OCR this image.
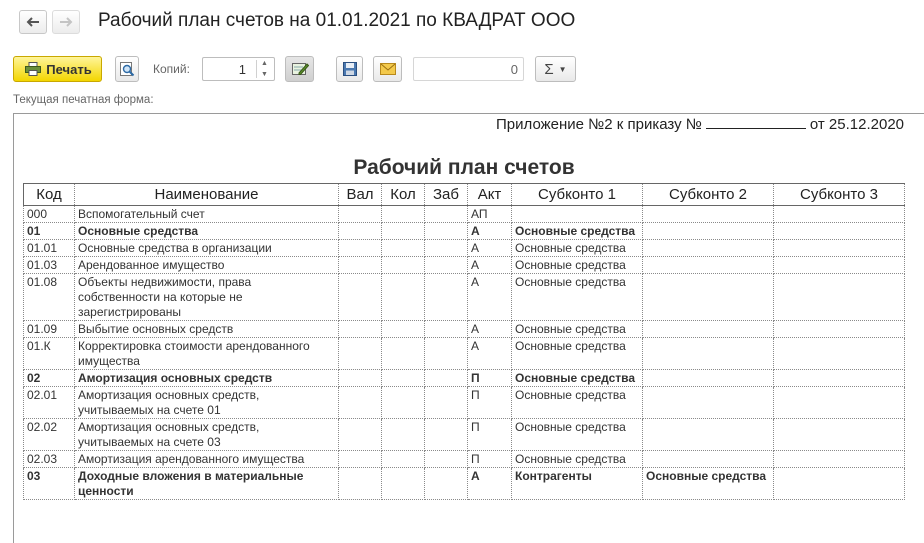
Рабочий план счетов на 01.01.2021 по КВАДРАТ ООО
Печать	Копий:	1 ▲
▼	0 Σ ▼
Текущая печатная форма:
Приложение №2 к приказу №	от 25.12.2020
Рабочий план счетов
Код	Наименование	Вал	Кол	Заб	Акт	Субконто 1	Субконто 2	Субконто 3
000	Вспомогательный счет				АП			
01	Основные средства				А	Основные средства		
01.01	Основные средства в организации				А	Основные средства		
01.03	Арендованное имущество				А	Основные средства		
01.08	Объекты недвижимости, права собственности на которые не зарегистрированы				А	Основные средства		
01.09	Выбытие основных средств				А	Основные средства		
01.К	Корректировка стоимости арендованного имущества				А	Основные средства		
02	Амортизация основных средств				П	Основные средства		
02.01	Амортизация основных средств, учитываемых на счете 01				П	Основные средства		
02.02	Амортизация основных средств, учитываемых на счете 03				П	Основные средства		
02.03	Амортизация арендованного имущества				П	Основные средства		
03	Доходные вложения в материальные ценности				А	Контрагенты	Основные средства	
